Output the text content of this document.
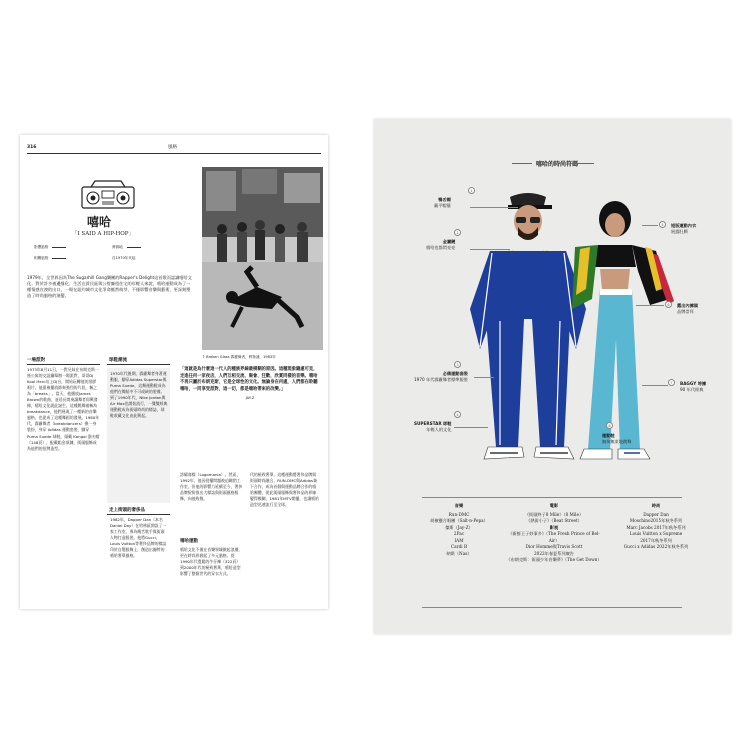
316	風格
嘻哈
「I SAID A HIP-HOP」
影響風格	發源地
相關風格	自1970年代起
1979年，全世界因為The Sugarhill Gang樂團的Rapper's Delight這首歌而認識嘻哈文化。對於許多被邊緣化、生活在貧民區與公營廉租住宅的年輕人來說，嘻哈運動成為了一種情感宣洩的出口，一場在紐約城市文化爭命脈然萌芽，不僅影響音樂與藝術，更深刻塑造了時尚風格的演變。
↑ Broken Glass 霹靂舞者，利物浦，1983年
「這就是為什麼這一代人的種族界線最模糊的原因。這種現象隨處可見，走進任何一家夜店，人們互相交流、聚會、狂歡，欣賞同樣的音樂。嘻哈不再只屬於布朗克斯，它是全球性的文化。無論身在何處，人們都在聆聽嘻哈，一同享受派對，這一切，都是嘻哈帶來的改變。」
JAY-Z
一場派對
1973年8月11日，一對兄妹在布朗克斯一座公寓的交誼廳舉辦一場派對，哥哥DJ Kool Herc站上DJ台，開始玩轉他的黑膠唱片，他重複播放節奏強烈的片段，稱之為「breaks」。當天，他播放James Brown的歌曲，並延長間奏讓舞者即興發揮，嘻哈文化就此誕生。這種跳舞被稱為breakdance，他們展現了一種新的音樂風格，也促成了這種舞蹈的發展。1980年代，霹靂舞者（breakdancers）換一身裝扮，身穿 Adidas 運動套裝，腳穿 Puma Suede 球鞋，頭戴 Kangol 漁夫帽（148頁），配戴粗金項鍊，街頭服飾成為他們的招牌造型。
球鞋潮流
1970年代後期，霹靂舞者身著運動服，腳穿Adidas Superstar與Puma Suede，這類運動鞋成為他們在舞蹈中不可或缺的裝備。到了1990年代，Nike Jordan與Air Max也開始流行，一雙雙經典運動鞋成為街頭時尚的標誌，球鞋收藏文化由此興起。
走上街頭的奢侈品
1982年，Dapper Dan（本名Daniel Day）在哈林區開設了一家工作室，專為饒舌歌手與街頭人物打造服裝，他將Gucci、Louis Vuitton等奢侈品牌的標誌印於自製服飾上，創造出獨特的嘻哈奢華風格。
誇耀商標（Logomania）。然而，1992年，他因侵權問題被迫關閉工作室，但他的影響力延續至今，奢侈品牌紛紛推出大標誌與街頭風格服飾，向他致敬。
嘻哈運動
嘻哈文化不僅在音樂領域掀起浪潮，更在時尚界掀起了多元風格。從1990年代寬鬆的牛仔褲（322頁）到2000年代的極致奢華，嘻哈造型影響了整個世代的穿衣方式。
代的極致奢華，這種運動將奢侈品牌與街頭時尚融合，RUN-DMC與Adidas簽下合作，成為首個與運動品牌合作的嘻哈團體，從此街頭服飾與奢侈品的界線變得模糊，1981年MTV開播，也讓嘻哈造型迅速流行至全球。
嘻哈的時尚符碼
1
鴨舌帽
戴平帽簷
2
金屬鏈
嘻哈也都閃亮亮
3
必備運動套裝
1970 年代霹靂舞者標準服裝
4
SUPERSTAR 球鞋
年輕人的文化
5	短版運動內衣
展露肚臍
6	露出內褲頭
品牌崇拜
7	BAGGY 垮褲
90 年代經典
8
運動鞋
無拘無束地跳舞
音樂
Run-DMC
胡椒鹽合唱團（Salt-n-Pepa）
傑斯（Jay-Z）
2Pac
IAM
Cardi B
納斯（Nas）
電影
《街頭終子8 Mile》（8 Mile）
《熱街小子》（Beat Street）
影視
《新鮮王子妙事多》（The Fresh Prince of Bel-Air）
Dior Homme與Travis Scott
2022年春夏系列廣告
《布朗克斯：街頭少年音樂夢》（The Get Down）
時尚
Dapper Dan
Moschino2015年秋冬系列
Marc Jacobs 2017年秋冬系列
Louis Vuitton x Supreme
2017年秋冬系列
Gucci x Adidas 2022年秋冬系列
